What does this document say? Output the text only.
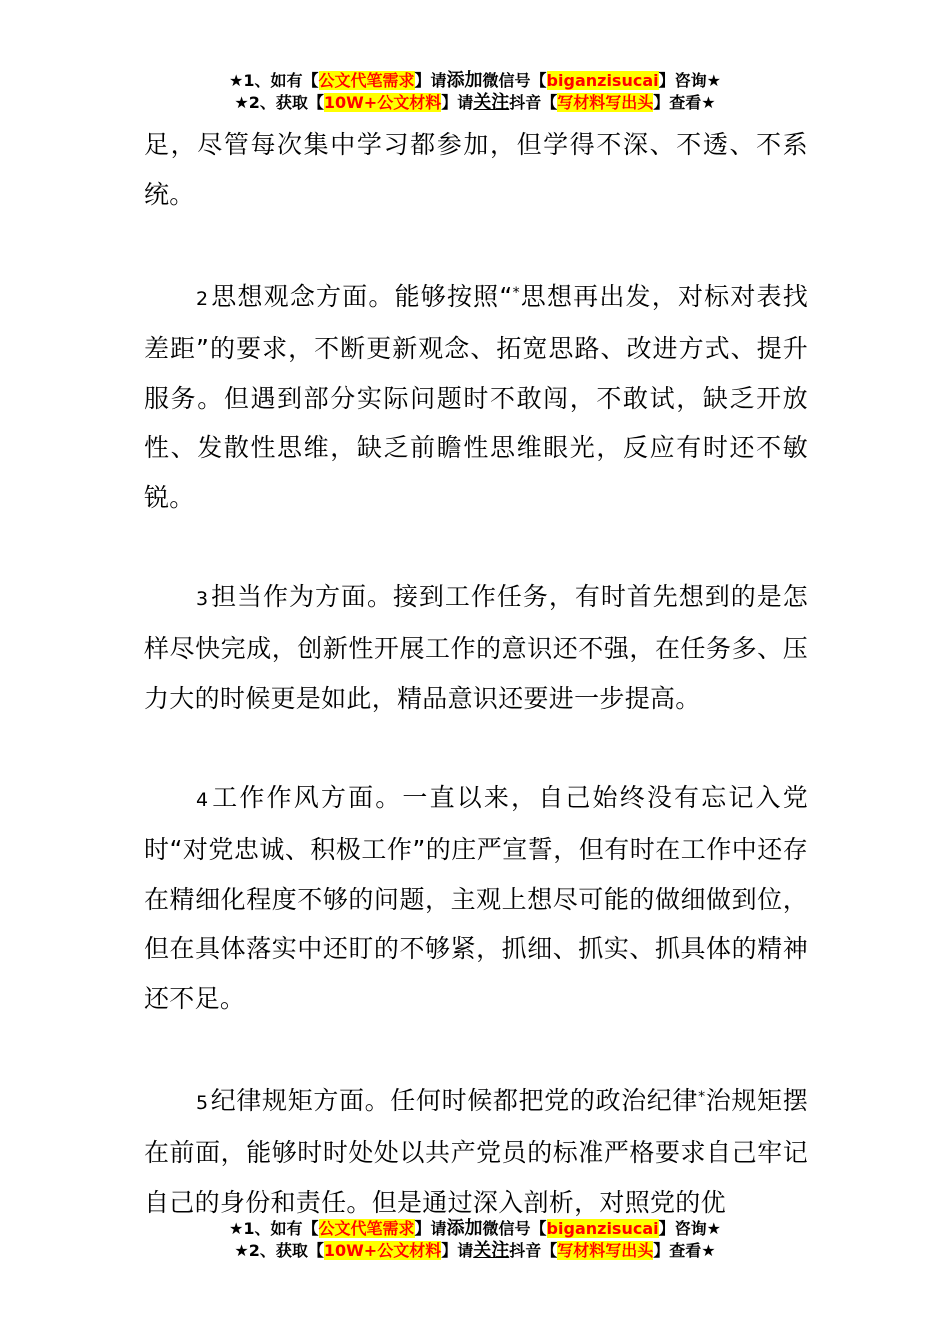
★1、如有【公文代笔需求】请添加微信号【biganzisucai】咨询★
★2、获取【10W+公文材料】请关注抖音【写材料写出头】查看★

足，尽管每次集中学习都参加，但学得不深、不透、不系统。

2思想观念方面。能够按照“*思想再出发，对标对表找差距”的要求，不断更新观念、拓宽思路、改进方式、提升服务。但遇到部分实际问题时不敢闯，不敢试，缺乏开放性、发散性思维，缺乏前瞻性思维眼光，反应有时还不敏锐。

3担当作为方面。接到工作任务，有时首先想到的是怎样尽快完成，创新性开展工作的意识还不强，在任务多、压力大的时候更是如此，精品意识还要进一步提高。

4工作作风方面。一直以来，自己始终没有忘记入党时“对党忠诚、积极工作”的庄严宣誓，但有时在工作中还存在精细化程度不够的问题，主观上想尽可能的做细做到位，但在具体落实中还盯的不够紧，抓细、抓实、抓具体的精神还不足。

5纪律规矩方面。任何时候都把党的政治纪律*治规矩摆在前面，能够时时处处以共产党员的标准严格要求自己牢记自己的身份和责任。但是通过深入剖析，对照党的优

★1、如有【公文代笔需求】请添加微信号【biganzisucai】咨询★
★2、获取【10W+公文材料】请关注抖音【写材料写出头】查看★
